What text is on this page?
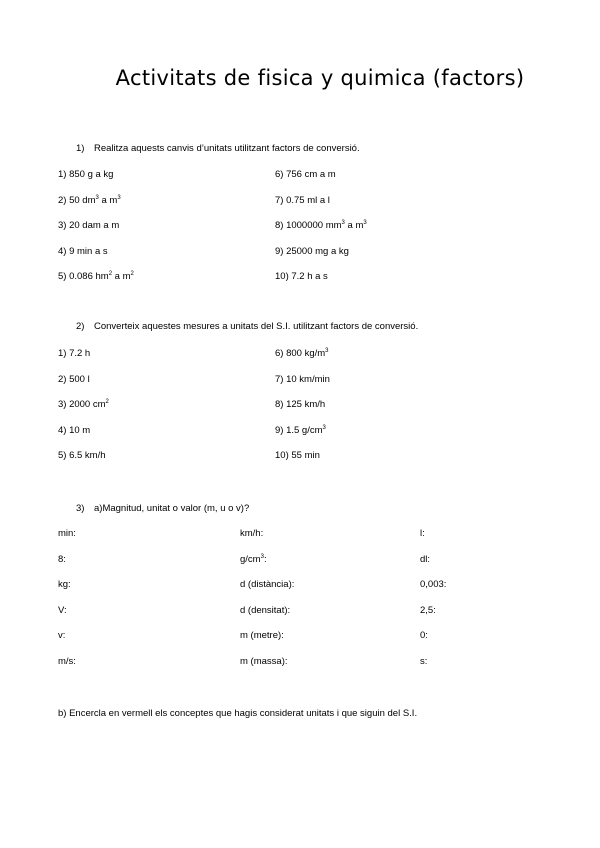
Activitats de fisica y quimica (factors)
1) Realitza aquests canvis d’unitats utilitzant factors de conversió.
1) 850 g a kg
2) 50 $dm^3$ a $m^3$
3) 20 dam a m
4) 9 min a s
5) 0.086 $hm^2$ a $m^2$
6) 756 cm a m
7) 0.75 ml a l
8) 1000000 $mm^3$ a $m^3$
9) 25000 mg a kg
10) 7.2 h a s
2) Converteix aquestes mesures a unitats del S.I. utilitzant factors de conversió.
1) 7.2 h
2) 500 l
3) 2000 $cm^2$
4) 10 m
5) 6.5 km/h
6) 800 $kg/m^3$
7) 10 km/min
8) 125 km/h
9) 1.5 $g/cm^3$
10) 55 min
3) a)Magnitud, unitat o valor (m, u o v)?
min:
8:
kg:
V:
v:
m/s:
km/h:
$g/cm^3$:
d (distància):
d (densitat):
m (metre):
m (massa):
l:
dl:
0,003:
2,5:
0:
s:
b) Encercla en vermell els conceptes que hagis considerat unitats i que siguin del S.I.
